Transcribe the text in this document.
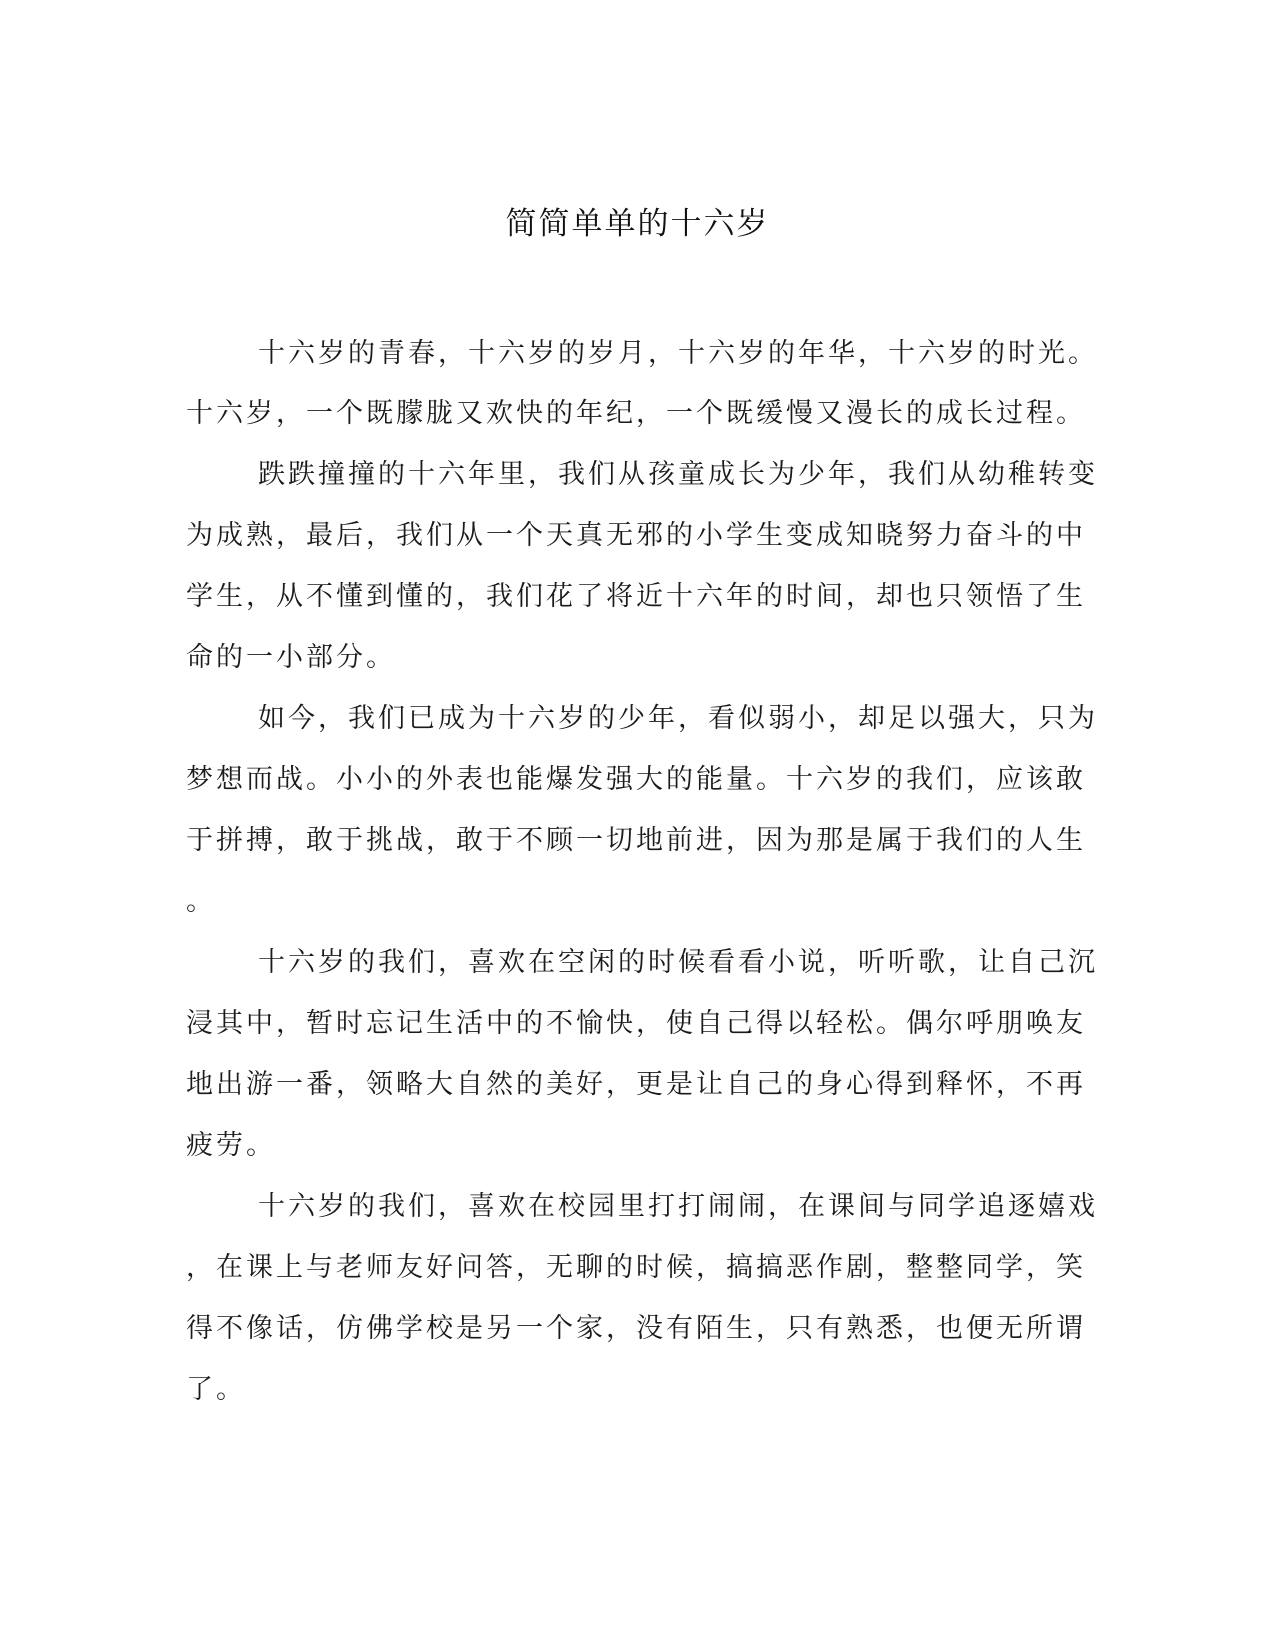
简简单单的十六岁
十六岁的青春，十六岁的岁月，十六岁的年华，十六岁的时光。
十六岁，一个既朦胧又欢快的年纪，一个既缓慢又漫长的成长过程。
跌跌撞撞的十六年里，我们从孩童成长为少年，我们从幼稚转变
为成熟，最后，我们从一个天真无邪的小学生变成知晓努力奋斗的中
学生，从不懂到懂的，我们花了将近十六年的时间，却也只领悟了生
命的一小部分。
如今，我们已成为十六岁的少年，看似弱小，却足以强大，只为
梦想而战。小小的外表也能爆发强大的能量。十六岁的我们，应该敢
于拼搏，敢于挑战，敢于不顾一切地前进，因为那是属于我们的人生
。
十六岁的我们，喜欢在空闲的时候看看小说，听听歌，让自己沉
浸其中，暂时忘记生活中的不愉快，使自己得以轻松。偶尔呼朋唤友
地出游一番，领略大自然的美好，更是让自己的身心得到释怀，不再
疲劳。
十六岁的我们，喜欢在校园里打打闹闹，在课间与同学追逐嬉戏
，在课上与老师友好问答，无聊的时候，搞搞恶作剧，整整同学，笑
得不像话，仿佛学校是另一个家，没有陌生，只有熟悉，也便无所谓
了。
